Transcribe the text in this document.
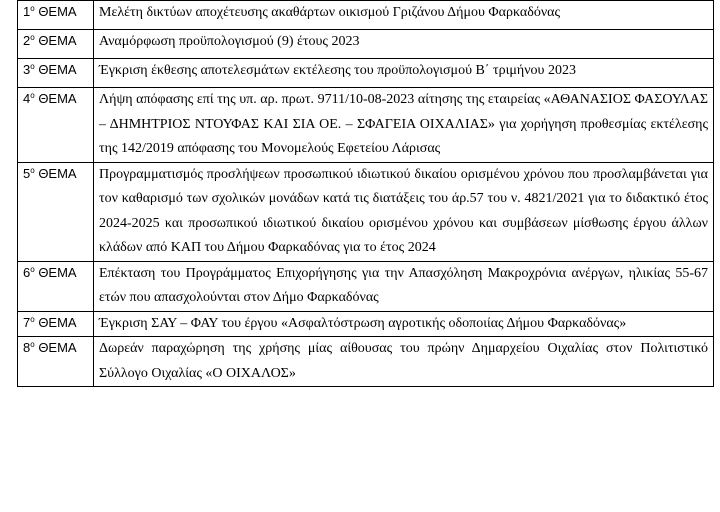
$1^o$ ΘΕΜΑ	Μελέτη δικτύων αποχέτευσης ακαθάρτων οικισμού Γριζάνου Δήμου Φαρκαδόνας
$2^o$ ΘΕΜΑ	Αναμόρφωση προϋπολογισμού (9) έτους 2023
$3^o$ ΘΕΜΑ	Έγκριση έκθεσης αποτελεσμάτων εκτέλεσης του προϋπολογισμού Β΄ τριμήνου 2023
$4^o$ ΘΕΜΑ	Λήψη απόφασης επί της υπ. αρ. πρωτ. 9711/10-08-2023 αίτησης της εταιρείας «ΑΘΑΝΑΣΙΟΣ ΦΑΣΟΥΛΑΣ – ΔΗΜΗΤΡΙΟΣ ΝΤΟΥΦΑΣ ΚΑΙ ΣΙΑ ΟΕ. – ΣΦΑΓΕΙΑ ΟΙΧΑΛΙΑΣ» για χορήγηση προθεσμίας εκτέλεσης της 142/2019 απόφασης του Μονομελούς Εφετείου Λάρισας
$5^o$ ΘΕΜΑ	Προγραμματισμός προσλήψεων προσωπικού ιδιωτικού δικαίου ορισμένου χρόνου που προσλαμβάνεται για τον καθαρισμό των σχολικών μονάδων κατά τις διατάξεις του άρ.57 του ν. 4821/2021 για το διδακτικό έτος 2024-2025 και προσωπικού ιδιωτικού δικαίου ορισμένου χρόνου και συμβάσεων μίσθωσης έργου άλλων κλάδων από ΚΑΠ του Δήμου Φαρκαδόνας για το έτος 2024
$6^o$ ΘΕΜΑ	Επέκταση του Προγράμματος Επιχορήγησης για την Απασχόληση Μακροχρόνια ανέργων, ηλικίας 55-67 ετών που απασχολούνται στον Δήμο Φαρκαδόνας
$7^o$ ΘΕΜΑ	Έγκριση ΣΑΥ – ΦΑΥ του έργου «Ασφαλτόστρωση αγροτικής οδοποιίας Δήμου Φαρκαδόνας»
$8^o$ ΘΕΜΑ	Δωρεάν παραχώρηση της χρήσης μίας αίθουσας του πρώην Δημαρχείου Οιχαλίας στον Πολιτιστικό Σύλλογο Οιχαλίας «Ο ΟΙΧΑΛΟΣ»
